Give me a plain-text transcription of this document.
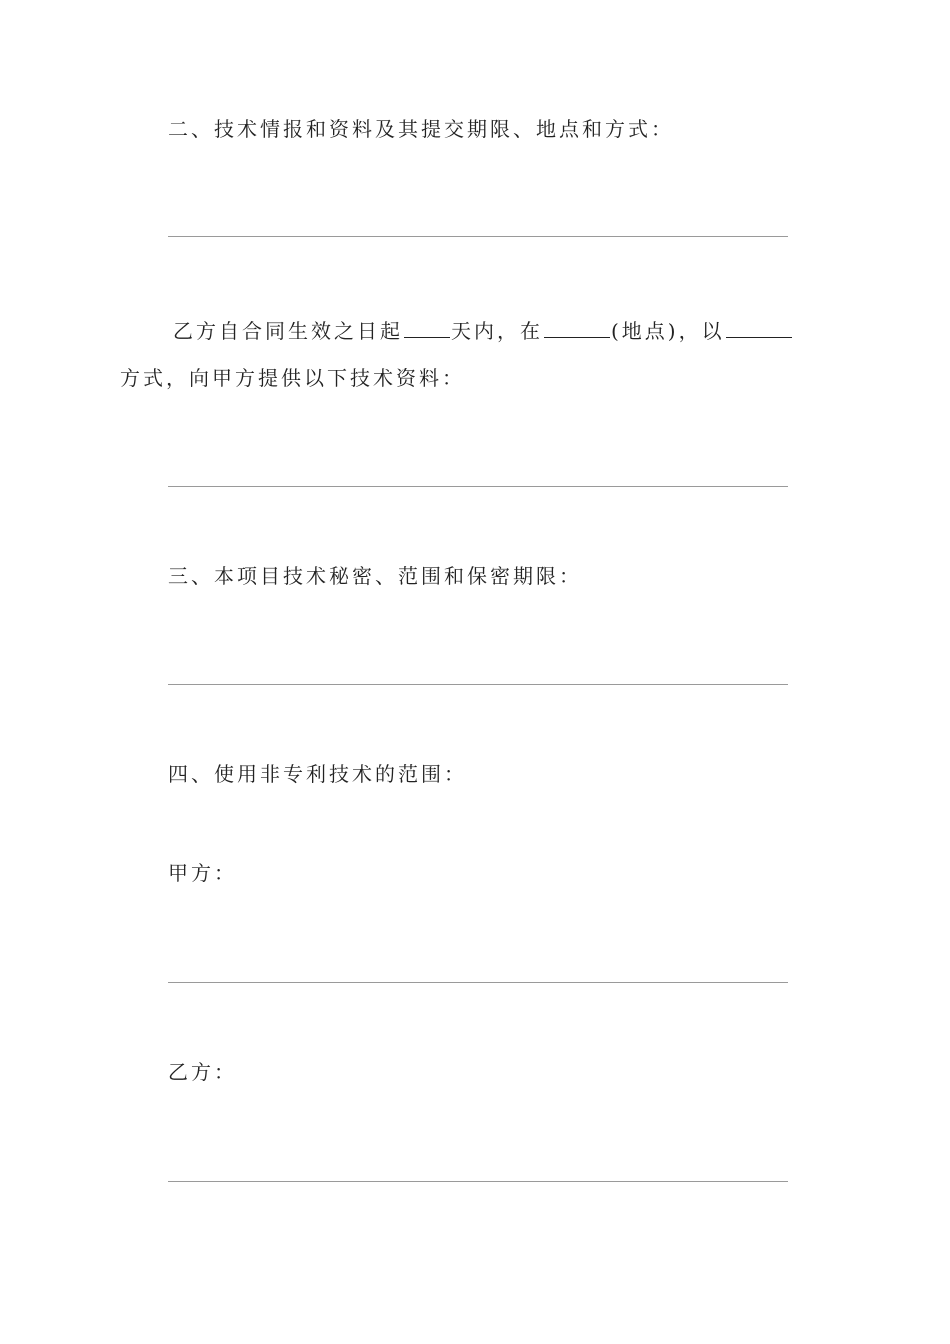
二、技术情报和资料及其提交期限、地点和方式：

乙方自合同生效之日起 天内，在	(地点)，以

方式，向甲方提供以下技术资料：

三、本项目技术秘密、范围和保密期限：

四、使用非专利技术的范围：

甲方：

乙方：
